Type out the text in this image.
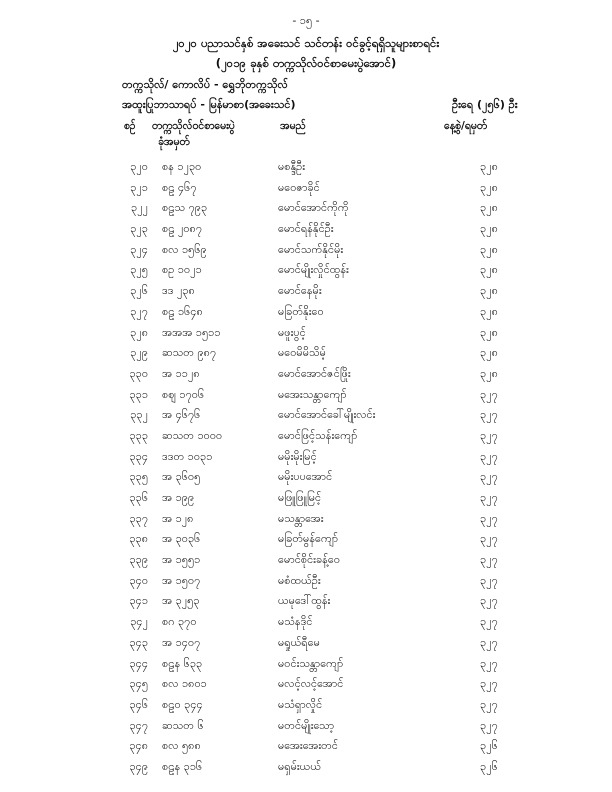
- ၁၅ -
၂၀၂၀ ပညာသင်နှစ် အခေးသင် သင်တန်း ဝင်ခွင့်ရရှိသူများစာရင်း
(၂၀၁၉ ခုနှစ် တက္ကသိုလ်ဝင်စာမေးပွဲအောင်)
တက္ကသိုလ်/ ကောလိပ် - ရွှေဘိုတက္ကသိုလ်
အထူးပြုဘာသာရပ် - မြန်မာစာ(အခေးသင်)	ဦးရေ (၂၅၆) ဦး
စဉ် တက္ကသိုလ်ဝင်စာမေးပွဲ
ခုံအမှတ်
အမည်	နေ့စွဲ/ရမှတ်
၃၂၀ စန ၁၂၃၀	မစန္ဒီဦး	၃၂၈
၃၂၁ စဠ ၄၆၇	မဝေဇာခိုင်	၃၂၈
၃၂၂ စဠသ ၇၉၃	မောင်အောင်ကိုကို	၃၂၈
၃၂၃ စဠ ၂၀၈၇	မောင်ရန်နိုင်ဦး	၃၂၈
၃၂၄ စလ ၁၅၆၉	မောင်သက်နိုင်မိုး	၃၂၈
၃၂၅ စဥ ၁၀၂၁	မောင်မျိုးလှိုင်ထွန်း	၃၂၈
၃၂၆ ဒဒ ၂၃၈	မောင်နေမိုး	၃၂၈
၃၂၇ စဠ ၁၆၄၈	မခြတ်နိုးဝေ	၃၂၈
၃၂၈ အအအ ၁၅၁၁	မဖူးပွင့်	၃၂၈
၃၂၉ ဆသတ ၉၈၇	မဝေမိမိသိမ့်	၃၂၈
၃၃၀ အ ၁၁၂၈	မောင်အောင်ဇင်ဖြိုး	၃၂၈
၃၃၁ စဈ ၁၇၀၆	မအေးသန္တာကျော်	၃၂၇
၃၃၂ အ ၄၆၇၆	မောင်အောင်ခေါ်မျိုးလင်း	၃၂၇
၃၃၃ ဆသတ ၁၀၀၀	မောင်ဖြင့်သန်းကျော်	၃၂၇
၃၃၄ ဒဒတ ၁၀၃၁	မမိုးမိုးမြင့်	၃၂၇
၃၃၅ အ ၃၆၀၅	မမိုးပပအောင်	၃၂၇
၃၃၆ အ ၁၉၉	မဖြူဖြူမြင့်	၃၂၇
၃၃၇ အ ၁၂၈	မသန္တာအေး	၃၂၇
၃၃၈ အ ၃၀၃၆	မခြတ်မွန်ကျော်	၃၂၇
၃၃၉ အ ၁၅၅၁	မောင်စိုင်းခန့်ဝေ	၃၂၇
၃၄၀ အ ၁၅၀၇	မစံထယ်ဦး	၃၂၇
၃၄၁ အ ၃၂၅၃	ယမုဒေါ်ထွန်း	၃၂၇
၃၄၂ စဂ ၃၇၀	မသံနဒိုင်	၃၂၇
၃၄၃ အ ၁၄၀၇	မရှုယ်ရီမေ	၃၂၇
၃၄၄ စဠန ၆၃၃	မဝင်းသန္တာကျော်	၃၂၇
၃၄၅ စလ ၁၈၀၁	မလင့်လင့်အောင်	၃၂၇
၃၄၆ စဠ၀ ၃၄၄	မသံရှာလှိုင်	၃၂၇
၃၄၇ ဆသတ ၆	မတင်မျိုးသော့	၃၂၇
၃၄၈ စလ ၅၈၈	မအေးအေးတင်	၃၂၆
၃၄၉ စဠန ၃၁၆	မရှမ်းယယ်	၃၂၆
